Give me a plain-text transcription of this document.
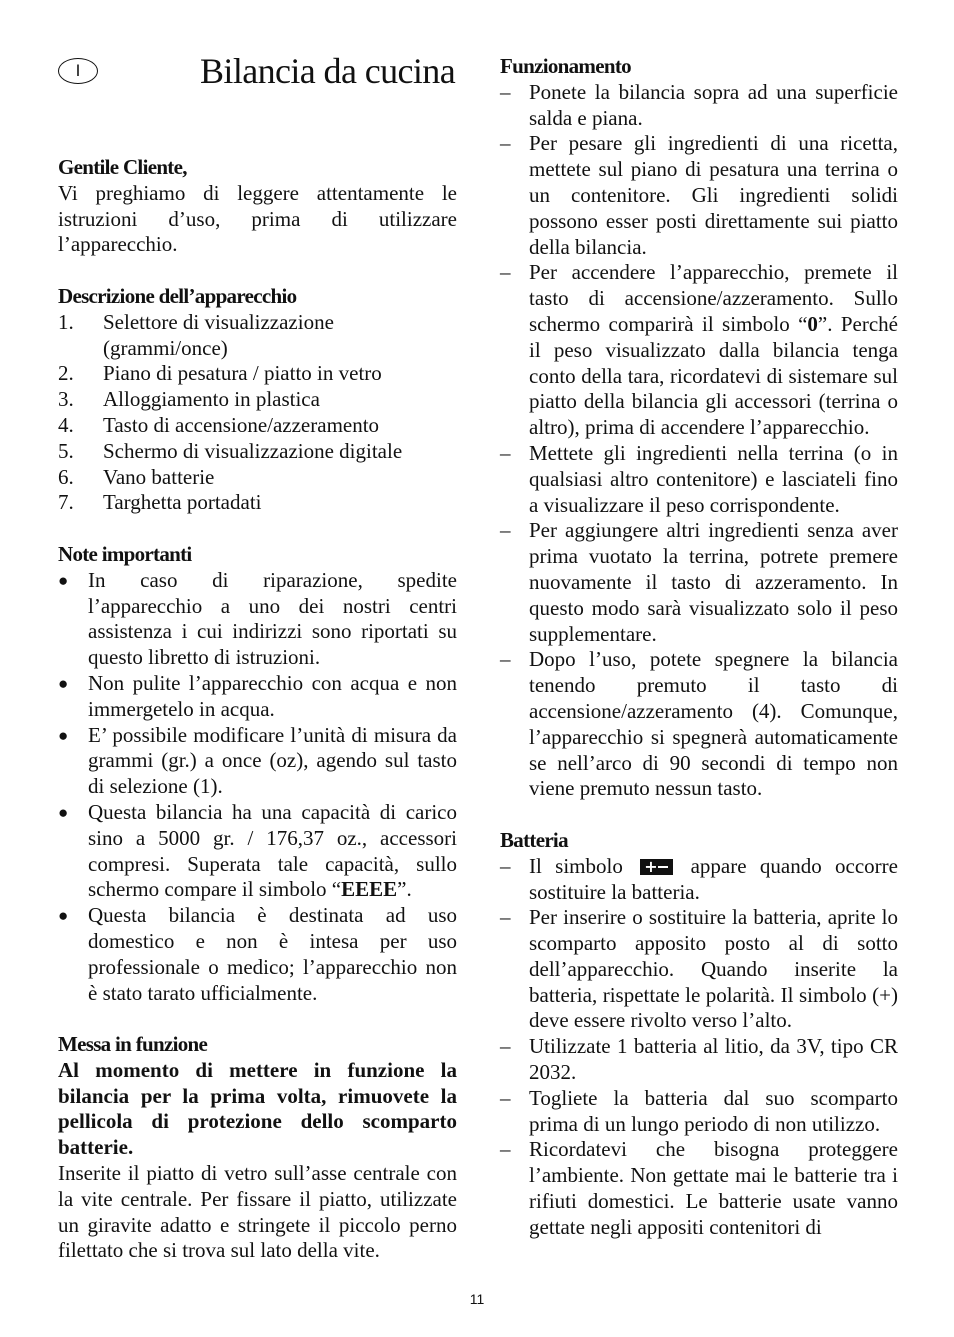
I	Bilancia da cucina

Gentile Cliente,

Vi preghiamo di leggere attentamente le istruzioni d’uso, prima di utilizzare l’apparecchio.

Descrizione dell’apparecchio

1.	Selettore di visualizzazione (grammi/once)
2.	Piano di pesatura / piatto in vetro
3.	Alloggiamento in plastica
4.	Tasto di accensione/azzeramento
5.	Schermo di visualizzazione digitale
6.	Vano batterie
7.	Targhetta portadati

Note importanti

● In caso di riparazione, spedite l’apparecchio a uno dei nostri centri assistenza i cui indirizzi sono riportati su questo libretto di istruzioni.
● Non pulite l’apparecchio con acqua e non immergetelo in acqua.
● E’ possibile modificare l’unità di misura da grammi (gr.) a once (oz), agendo sul tasto di selezione (1).
● Questa bilancia ha una capacità di carico sino a 5000 gr. / 176,37 oz., accessori compresi. Superata tale capacità, sullo schermo compare il simbolo “EEEE”.
● Questa bilancia è destinata ad uso domestico e non è intesa per uso professionale o medico; l’apparecchio non è stato tarato ufficialmente.

Messa in funzione

Al momento di mettere in funzione la bilancia per la prima volta, rimuovete la pellicola di protezione dello scomparto batterie.

Inserite il piatto di vetro sull’asse centrale con la vite centrale. Per fissare il piatto, utilizzate un giravite adatto e stringete il piccolo perno filettato che si trova sul lato della vite.

Funzionamento

– Ponete la bilancia sopra ad una superficie salda e piana.
– Per pesare gli ingredienti di una ricetta, mettete sul piano di pesatura una terrina o un contenitore. Gli ingredienti solidi possono esser posti direttamente sui piatto della bilancia.
– Per accendere l’apparecchio, premete il tasto di accensione/azzeramento. Sullo schermo comparirà il simbolo “0”. Perché il peso visualizzato dalla bilancia tenga conto della tara, ricordatevi di sistemare sul piatto della bilancia gli accessori (terrina o altro), prima di accendere l’apparecchio.
– Mettete gli ingredienti nella terrina (o in qualsiasi altro contenitore) e lasciateli fino a visualizzare il peso corrispondente.
– Per aggiungere altri ingredienti senza aver prima vuotato la terrina, potrete premere nuovamente il tasto di azzeramento. In questo modo sarà visualizzato solo il peso supplementare.
– Dopo l’uso, potete spegnere la bilancia tenendo premuto il tasto di accensione/azzeramento (4). Comunque, l’apparecchio si spegnerà automaticamente se nell’arco di 90 secondi di tempo non viene premuto nessun tasto.

Batteria

– Il simbolo + appare quando occorre sostituire la batteria.
– Per inserire o sostituire la batteria, aprite lo scomparto apposito posto al di sotto dell’apparecchio. Quando inserite la batteria, rispettate le polarità. Il simbolo (+) deve essere rivolto verso l’alto.
– Utilizzate 1 batteria al litio, da 3V, tipo CR 2032.
– Togliete la batteria dal suo scomparto prima di un lungo periodo di non utilizzo.
– Ricordatevi che bisogna proteggere l’ambiente. Non gettate mai le batterie tra i rifiuti domestici. Le batterie usate vanno gettate negli appositi contenitori di
11
